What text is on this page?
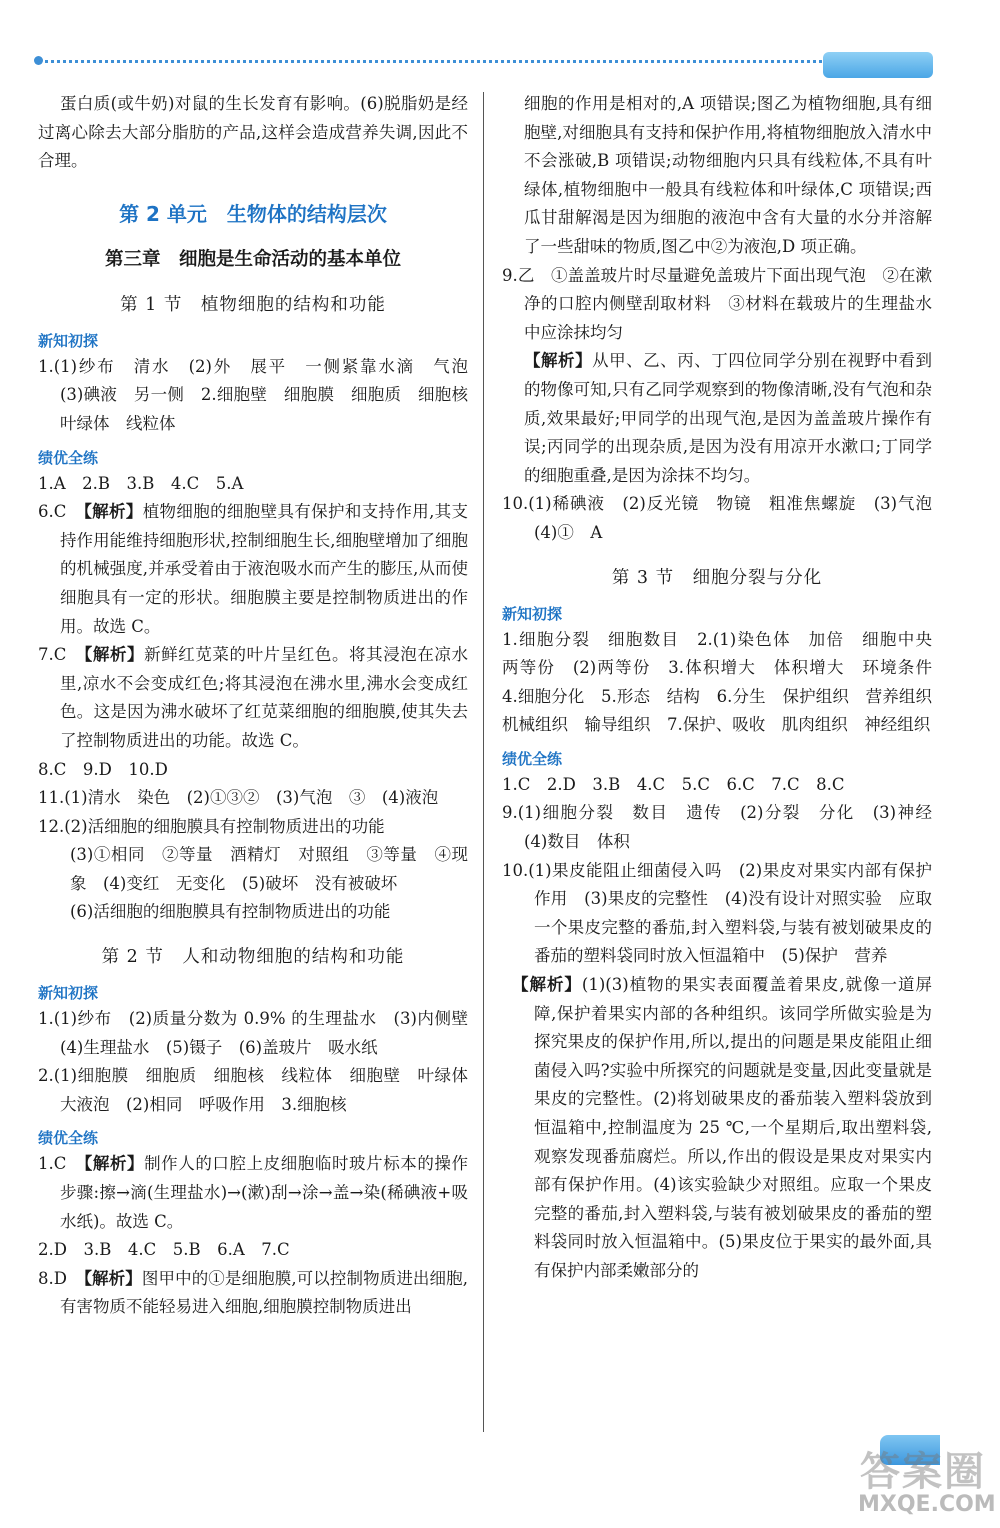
蛋白质(或牛奶)对鼠的生长发育有影响。(6)脱脂奶是经过离心除去大部分脂肪的产品,这样会造成营养失调,因此不合理。

第 2 单元　生物体的结构层次
第三章　细胞是生命活动的基本单位
第 1 节　植物细胞的结构和功能
新知初探

1.(1)纱布　清水　(2)外　展平　一侧紧靠水滴　气泡　(3)碘液　另一侧　2.细胞壁　细胞膜　细胞质　细胞核　叶绿体　线粒体

绩优全练

1.A　2.B　3.B　4.C　5.A

6.C　【解析】植物细胞的细胞壁具有保护和支持作用,其支持作用能维持细胞形状,控制细胞生长,细胞壁增加了细胞的机械强度,并承受着由于液泡吸水而产生的膨压,从而使细胞具有一定的形状。细胞膜主要是控制物质进出的作用。故选 C。

7.C　【解析】新鲜红苋菜的叶片呈红色。将其浸泡在凉水里,凉水不会变成红色;将其浸泡在沸水里,沸水会变成红色。这是因为沸水破坏了红苋菜细胞的细胞膜,使其失去了控制物质进出的功能。故选 C。

8.C　9.D　10.D

11.(1)清水　染色　(2)①③②　(3)气泡　③　(4)液泡

12.(2)活细胞的细胞膜具有控制物质进出的功能

(3)①相同　②等量　酒精灯　对照组　③等量　④现象　(4)变红　无变化　(5)破坏　没有被破坏

(6)活细胞的细胞膜具有控制物质进出的功能

第 2 节　人和动物细胞的结构和功能
新知初探

1.(1)纱布　(2)质量分数为 0.9% 的生理盐水　(3)内侧壁　(4)生理盐水　(5)镊子　(6)盖玻片　吸水纸

2.(1)细胞膜　细胞质　细胞核　线粒体　细胞壁　叶绿体　大液泡　(2)相同　呼吸作用　3.细胞核

绩优全练

1.C　【解析】制作人的口腔上皮细胞临时玻片标本的操作步骤:擦→滴(生理盐水)→(漱)刮→涂→盖→染(稀碘液+吸水纸)。故选 C。

2.D　3.B　4.C　5.B　6.A　7.C

8.D　【解析】图甲中的①是细胞膜,可以控制物质进出细胞,有害物质不能轻易进入细胞,细胞膜控制物质进出

细胞的作用是相对的,A 项错误;图乙为植物细胞,具有细胞壁,对细胞具有支持和保护作用,将植物细胞放入清水中不会涨破,B 项错误;动物细胞内只具有线粒体,不具有叶绿体,植物细胞中一般具有线粒体和叶绿体,C 项错误;西瓜甘甜解渴是因为细胞的液泡中含有大量的水分并溶解了一些甜味的物质,图乙中②为液泡,D 项正确。

9.乙　①盖盖玻片时尽量避免盖玻片下面出现气泡　②在漱净的口腔内侧壁刮取材料　③材料在载玻片的生理盐水中应涂抹均匀

【解析】从甲、乙、丙、丁四位同学分别在视野中看到的物像可知,只有乙同学观察到的物像清晰,没有气泡和杂质,效果最好;甲同学的出现气泡,是因为盖盖玻片操作有误;丙同学的出现杂质,是因为没有用凉开水漱口;丁同学的细胞重叠,是因为涂抹不均匀。

10.(1)稀碘液　(2)反光镜　物镜　粗准焦螺旋　(3)气泡　(4)①　A

第 3 节　细胞分裂与分化
新知初探

1.细胞分裂　细胞数目　2.(1)染色体　加倍　细胞中央　两等份　(2)两等份　3.体积增大　体积增大　环境条件　4.细胞分化　5.形态　结构　6.分生　保护组织　营养组织　机械组织　输导组织　7.保护、吸收　肌肉组织　神经组织

绩优全练

1.C　2.D　3.B　4.C　5.C　6.C　7.C　8.C

9.(1)细胞分裂　数目　遗传　(2)分裂　分化　(3)神经　(4)数目　体积

10.(1)果皮能阻止细菌侵入吗　(2)果皮对果实内部有保护作用　(3)果皮的完整性　(4)没有设计对照实验　应取一个果皮完整的番茄,封入塑料袋,与装有被划破果皮的番茄的塑料袋同时放入恒温箱中　(5)保护　营养

【解析】(1)(3)植物的果实表面覆盖着果皮,就像一道屏障,保护着果实内部的各种组织。该同学所做实验是为探究果皮的保护作用,所以,提出的问题是果皮能阻止细菌侵入吗?实验中所探究的问题就是变量,因此变量就是果皮的完整性。(2)将划破果皮的番茄装入塑料袋放到恒温箱中,控制温度为 25 ℃,一个星期后,取出塑料袋,观察发现番茄腐烂。所以,作出的假设是果皮对果实内部有保护作用。(4)该实验缺少对照组。应取一个果皮完整的番茄,封入塑料袋,与装有被划破果皮的番茄的塑料袋同时放入恒温箱中。(5)果皮位于果实的最外面,具有保护内部柔嫩部分的

答案圈
MXQE.COM
